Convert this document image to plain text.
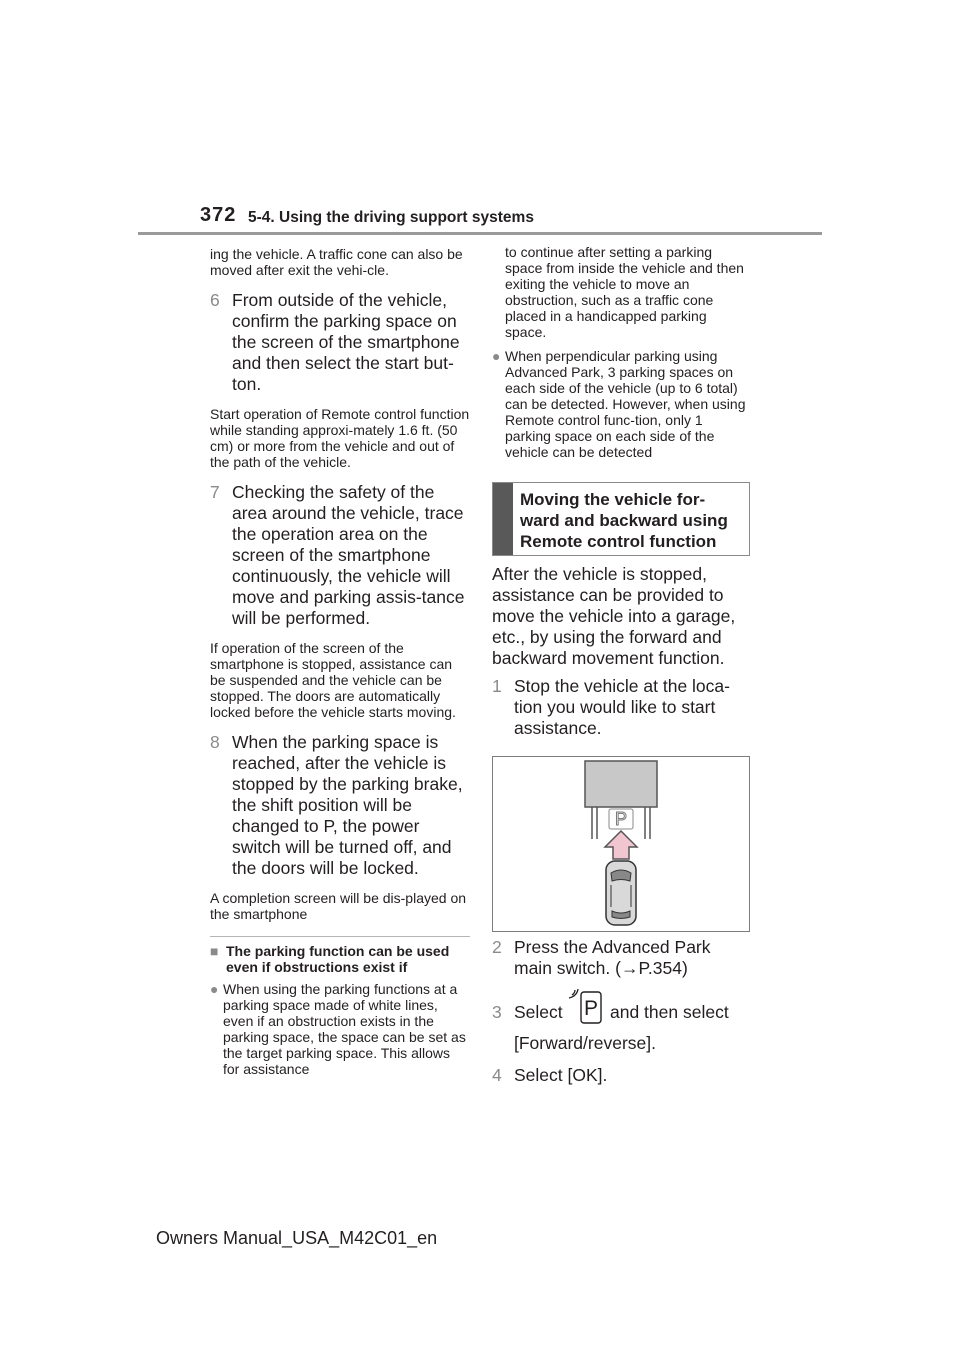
372 5-4. Using the driving support systems

ing the vehicle. A traffic cone can also be moved after exit the vehi-cle.

6 From outside of the vehicle, confirm the parking space on the screen of the smartphone and then select the start but-ton.

Start operation of Remote control function while standing approxi-mately 1.6 ft. (50 cm) or more from the vehicle and out of the path of the vehicle.

7 Checking the safety of the area around the vehicle, trace the operation area on the screen of the smartphone continuously, the vehicle will move and parking assis-tance will be performed.

If operation of the screen of the smartphone is stopped, assistance can be suspended and the vehicle can be stopped. The doors are automatically locked before the vehicle starts moving.

8 When the parking space is reached, after the vehicle is stopped by the parking brake, the shift position will be changed to P, the power switch will be turned off, and the doors will be locked.

A completion screen will be dis-played on the smartphone

■ The parking function can be used even if obstructions exist if
● When using the parking functions at a parking space made of white lines, even if an obstruction exists in the parking space, the space can be set as the target parking space. This allows for assistance
to continue after setting a parking space from inside the vehicle and then exiting the vehicle to move an obstruction, such as a traffic cone placed in a handicapped parking space.
● When perpendicular parking using Advanced Park, 3 parking spaces on each side of the vehicle (up to 6 total) can be detected. However, when using Remote control func-tion, only 1 parking space on each side of the vehicle can be detected
Moving the vehicle for-ward and backward using Remote control function

After the vehicle is stopped, assistance can be provided to move the vehicle into a garage, etc., by using the forward and backward movement function.

1 Stop the vehicle at the loca-tion you would like to start assistance.
P
2 Press the Advanced Park main switch. (→P.354)
3 Select P and then select
[Forward/reverse].
4 Select [OK].
Owners Manual_USA_M42C01_en
